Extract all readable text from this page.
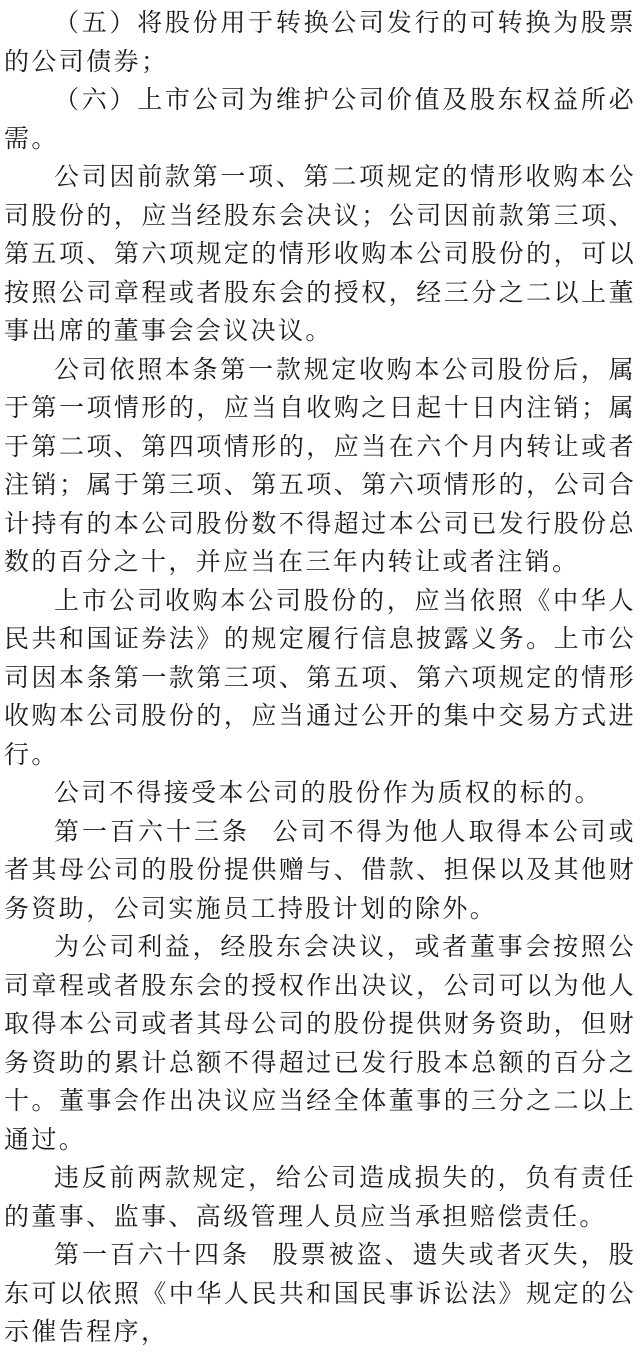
（五）将股份用于转换公司发行的可转换为股票的公司债券；

（六）上市公司为维护公司价值及股东权益所必需。

公司因前款第一项、第二项规定的情形收购本公司股份的，应当经股东会决议；公司因前款第三项、第五项、第六项规定的情形收购本公司股份的，可以按照公司章程或者股东会的授权，经三分之二以上董事出席的董事会会议决议。

公司依照本条第一款规定收购本公司股份后，属于第一项情形的，应当自收购之日起十日内注销；属于第二项、第四项情形的，应当在六个月内转让或者注销；属于第三项、第五项、第六项情形的，公司合计持有的本公司股份数不得超过本公司已发行股份总数的百分之十，并应当在三年内转让或者注销。

上市公司收购本公司股份的，应当依照《中华人民共和国证券法》的规定履行信息披露义务。上市公司因本条第一款第三项、第五项、第六项规定的情形收购本公司股份的，应当通过公开的集中交易方式进行。

公司不得接受本公司的股份作为质权的标的。

第一百六十三条 公司不得为他人取得本公司或者其母公司的股份提供赠与、借款、担保以及其他财务资助，公司实施员工持股计划的除外。

为公司利益，经股东会决议，或者董事会按照公司章程或者股东会的授权作出决议，公司可以为他人取得本公司或者其母公司的股份提供财务资助，但财务资助的累计总额不得超过已发行股本总额的百分之十。董事会作出决议应当经全体董事的三分之二以上通过。

违反前两款规定，给公司造成损失的，负有责任的董事、监事、高级管理人员应当承担赔偿责任。

第一百六十四条 股票被盗、遗失或者灭失，股东可以依照《中华人民共和国民事诉讼法》规定的公示催告程序，
